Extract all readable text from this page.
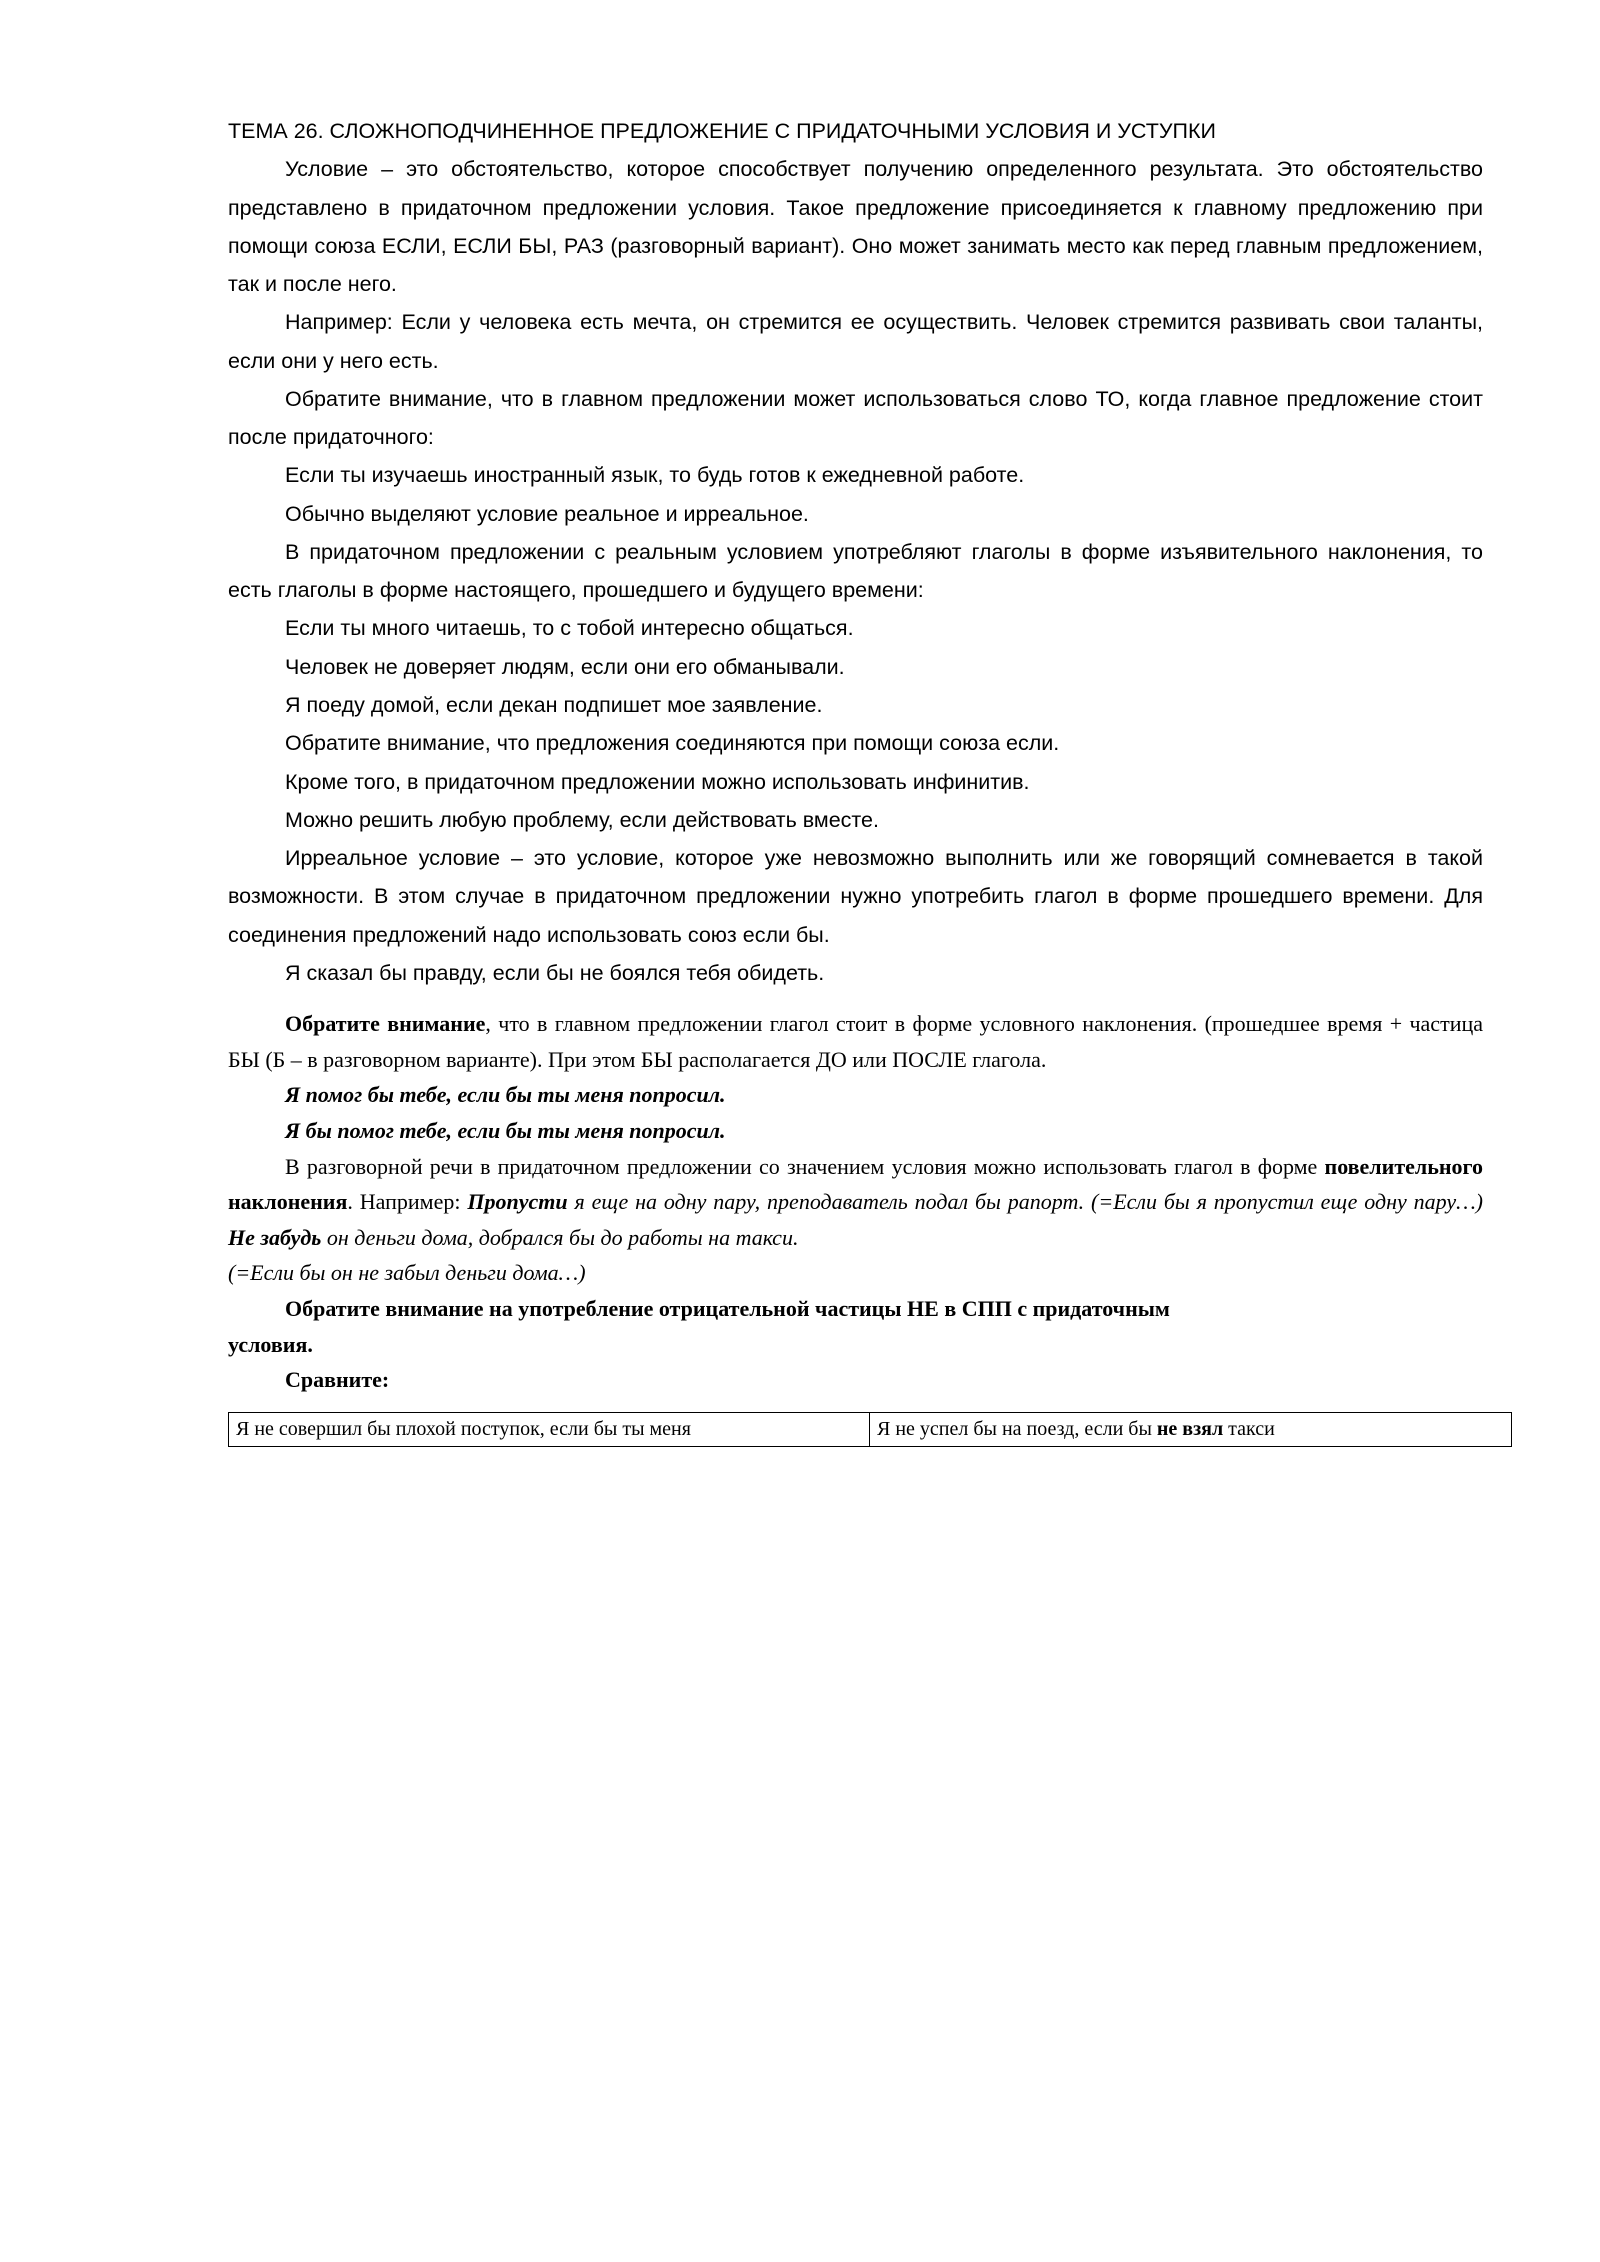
ТЕМА 26. СЛОЖНОПОДЧИНЕННОЕ ПРЕДЛОЖЕНИЕ С ПРИДАТОЧНЫМИ УСЛОВИЯ И УСТУПКИ

Условие – это обстоятельство, которое способствует получению определенного результата. Это обстоятельство представлено в придаточном предложении условия. Такое предложение присоединяется к главному предложению при помощи союза ЕСЛИ, ЕСЛИ БЫ, РАЗ (разговорный вариант). Оно может занимать место как перед главным предложением, так и после него.

Например: Если у человека есть мечта, он стремится ее осуществить. Человек стремится развивать свои таланты, если они у него есть.

Обратите внимание, что в главном предложении может использоваться слово ТО, когда главное предложение стоит после придаточного:

Если ты изучаешь иностранный язык, то будь готов к ежедневной работе.

Обычно выделяют условие реальное и ирреальное.

В придаточном предложении с реальным условием употребляют глаголы в форме изъявительного наклонения, то есть глаголы в форме настоящего, прошедшего и будущего времени:

Если ты много читаешь, то с тобой интересно общаться.

Человек не доверяет людям, если они его обманывали.

Я поеду домой, если декан подпишет мое заявление.

Обратите внимание, что предложения соединяются при помощи союза если.

Кроме того, в придаточном предложении можно использовать инфинитив.

Можно решить любую проблему, если действовать вместе.

Ирреальное условие – это условие, которое уже невозможно выполнить или же говорящий сомневается в такой возможности. В этом случае в придаточном предложении нужно употребить глагол в форме прошедшего времени. Для соединения предложений надо использовать союз если бы.

Я сказал бы правду, если бы не боялся тебя обидеть.

Обратите внимание, что в главном предложении глагол стоит в форме условного наклонения. (прошедшее время + частица БЫ (Б – в разговорном варианте). При этом БЫ располагается ДО или ПОСЛЕ глагола.

Я помог бы тебе, если бы ты меня попросил.

Я бы помог тебе, если бы ты меня попросил.

В разговорной речи в придаточном предложении со значением условия можно использовать глагол в форме повелительного наклонения. Например: Пропусти я еще на одну пару, преподаватель подал бы рапорт. (=Если бы я пропустил еще одну пару…) Не забудь он деньги дома, добрался бы до работы на такси.

(=Если бы он не забыл деньги дома…)

Обратите внимание на употребление отрицательной частицы НЕ в СПП с придаточным

условия.

Сравните:

Я не совершил бы плохой поступок, если бы ты меня	Я не успел бы на поезд, если бы не взял такси
